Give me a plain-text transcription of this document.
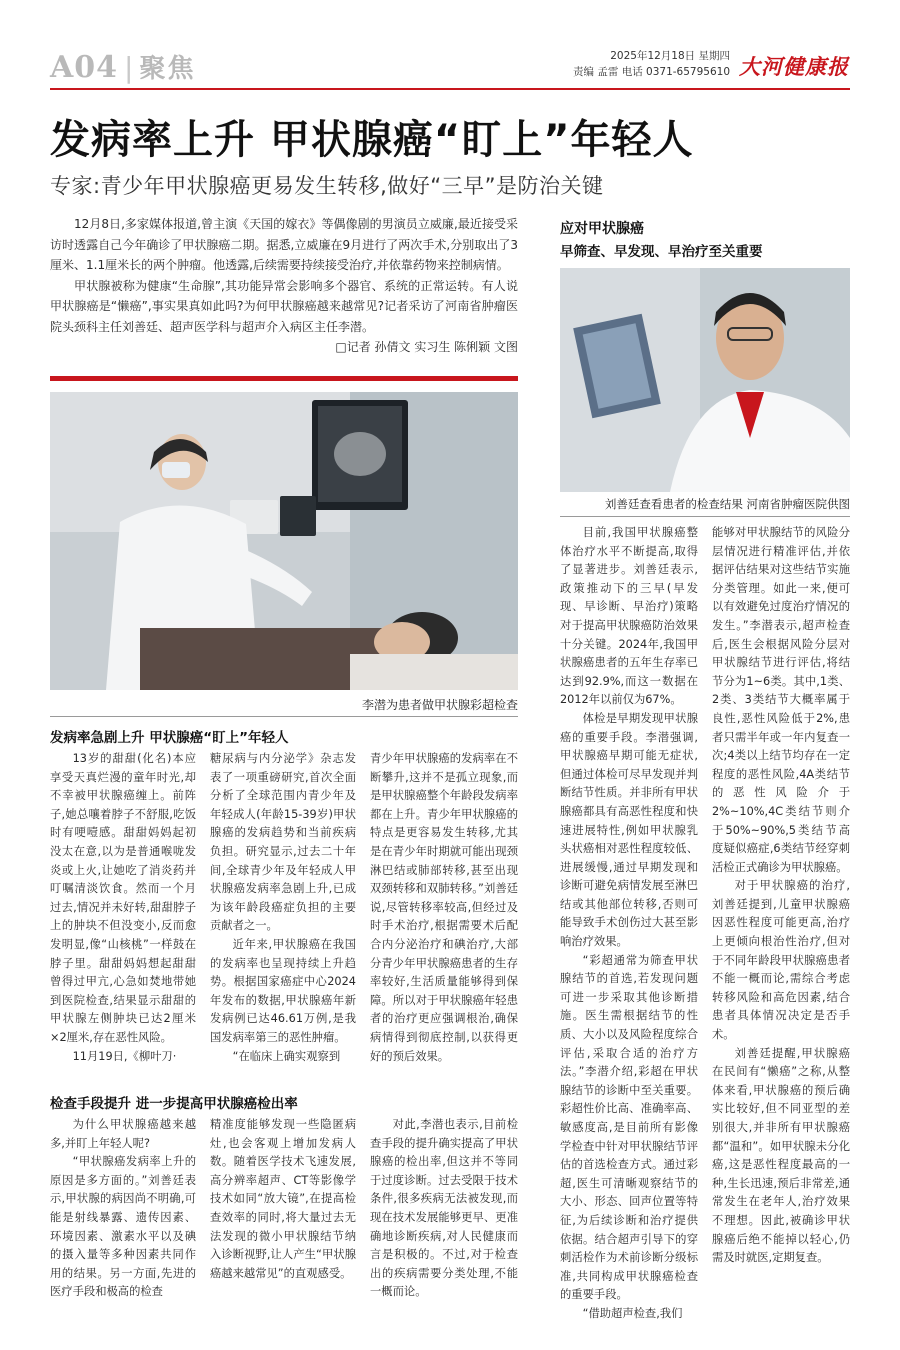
A04 | 聚焦	2025年12月18日 星期四
责编 孟雷 电话 0371-65795610 大河健康报
发病率上升 甲状腺癌“盯上”年轻人
专家:青少年甲状腺癌更易发生转移,做好“三早”是防治关键

12月8日,多家媒体报道,曾主演《天国的嫁衣》等偶像剧的男演员立威廉,最近接受采访时透露自己今年确诊了甲状腺癌二期。据悉,立威廉在9月进行了两次手术,分别取出了3厘米、1.1厘米长的两个肿瘤。他透露,后续需要持续接受治疗,并依靠药物来控制病情。

甲状腺被称为健康“生命腺”,其功能异常会影响多个器官、系统的正常运转。有人说甲状腺癌是“懒癌”,事实果真如此吗?为何甲状腺癌越来越常见?记者采访了河南省肿瘤医院头颈科主任刘善廷、超声医学科与超声介入病区主任李潜。

□记者 孙倩文 实习生 陈俐颖 文图
李潜为患者做甲状腺彩超检查
发病率急剧上升 甲状腺癌“盯上”年轻人

13岁的甜甜(化名)本应享受天真烂漫的童年时光,却不幸被甲状腺癌缠上。前阵子,她总嚷着脖子不舒服,吃饭时有哽噎感。甜甜妈妈起初没太在意,以为是普通喉咙发炎或上火,让她吃了消炎药并叮嘱清淡饮食。然而一个月过去,情况并未好转,甜甜脖子上的肿块不但没变小,反而愈发明显,像“山核桃”一样鼓在脖子里。甜甜妈妈想起甜甜曾得过甲亢,心急如焚地带她到医院检查,结果显示甜甜的甲状腺左侧肿块已达2厘米×2厘米,存在恶性风险。

11月19日,《柳叶刀·

糖尿病与内分泌学》杂志发表了一项重磅研究,首次全面分析了全球范围内青少年及年轻成人(年龄15-39岁)甲状腺癌的发病趋势和当前疾病负担。研究显示,过去二十年间,全球青少年及年轻成人甲状腺癌发病率急剧上升,已成为该年龄段癌症负担的主要贡献者之一。

近年来,甲状腺癌在我国的发病率也呈现持续上升趋势。根据国家癌症中心2024年发布的数据,甲状腺癌年新发病例已达46.61万例,是我国发病率第三的恶性肿瘤。

“在临床上确实观察到

青少年甲状腺癌的发病率在不断攀升,这并不是孤立现象,而是甲状腺癌整个年龄段发病率都在上升。青少年甲状腺癌的特点是更容易发生转移,尤其是在青少年时期就可能出现颈淋巴结或肺部转移,甚至出现双颈转移和双肺转移。”刘善廷说,尽管转移率较高,但经过及时手术治疗,根据需要术后配合内分泌治疗和碘治疗,大部分青少年甲状腺癌患者的生存率较好,生活质量能够得到保障。所以对于甲状腺癌年轻患者的治疗更应强调根治,确保病情得到彻底控制,以获得更好的预后效果。

检查手段提升 进一步提高甲状腺癌检出率

为什么甲状腺癌越来越多,并盯上年轻人呢?

“甲状腺癌发病率上升的原因是多方面的。”刘善廷表示,甲状腺的病因尚不明确,可能是射线暴露、遗传因素、环境因素、激素水平以及碘的摄入量等多种因素共同作用的结果。另一方面,先进的医疗手段和极高的检查

精准度能够发现一些隐匿病灶,也会客观上增加发病人数。随着医学技术飞速发展,高分辨率超声、CT等影像学技术如同“放大镜”,在提高检查效率的同时,将大量过去无法发现的微小甲状腺结节纳入诊断视野,让人产生“甲状腺癌越来越常见”的直观感受。

对此,李潜也表示,目前检查手段的提升确实提高了甲状腺癌的检出率,但这并不等同于过度诊断。过去受限于技术条件,很多疾病无法被发现,而现在技术发展能够更早、更准确地诊断疾病,对人民健康而言是积极的。不过,对于检查出的疾病需要分类处理,不能一概而论。

应对甲状腺癌
早筛查、早发现、早治疗至关重要
刘善廷查看患者的检查结果 河南省肿瘤医院供图

目前,我国甲状腺癌整体治疗水平不断提高,取得了显著进步。刘善廷表示,政策推动下的三早(早发现、早诊断、早治疗)策略对于提高甲状腺癌防治效果十分关键。2024年,我国甲状腺癌患者的五年生存率已达到92.9%,而这一数据在2012年以前仅为67%。

体检是早期发现甲状腺癌的重要手段。李潜强调,甲状腺癌早期可能无症状,但通过体检可尽早发现并判断结节性质。并非所有甲状腺癌都具有高恶性程度和快速进展特性,例如甲状腺乳头状癌相对恶性程度较低、进展缓慢,通过早期发现和诊断可避免病情发展至淋巴结或其他部位转移,否则可能导致手术创伤过大甚至影响治疗效果。

“彩超通常为筛查甲状腺结节的首选,若发现问题可进一步采取其他诊断措施。医生需根据结节的性质、大小以及风险程度综合评估,采取合适的治疗方法。”李潜介绍,彩超在甲状腺结节的诊断中至关重要。彩超性价比高、准确率高、敏感度高,是目前所有影像学检查中针对甲状腺结节评估的首选检查方式。通过彩超,医生可清晰观察结节的大小、形态、回声位置等特征,为后续诊断和治疗提供依据。结合超声引导下的穿刺活检作为术前诊断分级标准,共同构成甲状腺癌检查的重要手段。

“借助超声检查,我们

能够对甲状腺结节的风险分层情况进行精准评估,并依据评估结果对这些结节实施分类管理。如此一来,便可以有效避免过度治疗情况的发生。”李潜表示,超声检查后,医生会根据风险分层对甲状腺结节进行评估,将结节分为1~6类。其中,1类、2类、3类结节大概率属于良性,恶性风险低于2%,患者只需半年或一年内复查一次;4类以上结节均存在一定程度的恶性风险,4A类结节的恶性风险介于2%~10%,4C类结节则介于50%~90%,5类结节高度疑似癌症,6类结节经穿刺活检正式确诊为甲状腺癌。

对于甲状腺癌的治疗,刘善廷提到,儿童甲状腺癌因恶性程度可能更高,治疗上更倾向根治性治疗,但对于不同年龄段甲状腺癌患者不能一概而论,需综合考虑转移风险和高危因素,结合患者具体情况决定是否手术。

刘善廷提醒,甲状腺癌在民间有“懒癌”之称,从整体来看,甲状腺癌的预后确实比较好,但不同亚型的差别很大,并非所有甲状腺癌都“温和”。如甲状腺未分化癌,这是恶性程度最高的一种,生长迅速,预后非常差,通常发生在老年人,治疗效果不理想。因此,被确诊甲状腺癌后绝不能掉以轻心,仍需及时就医,定期复查。
